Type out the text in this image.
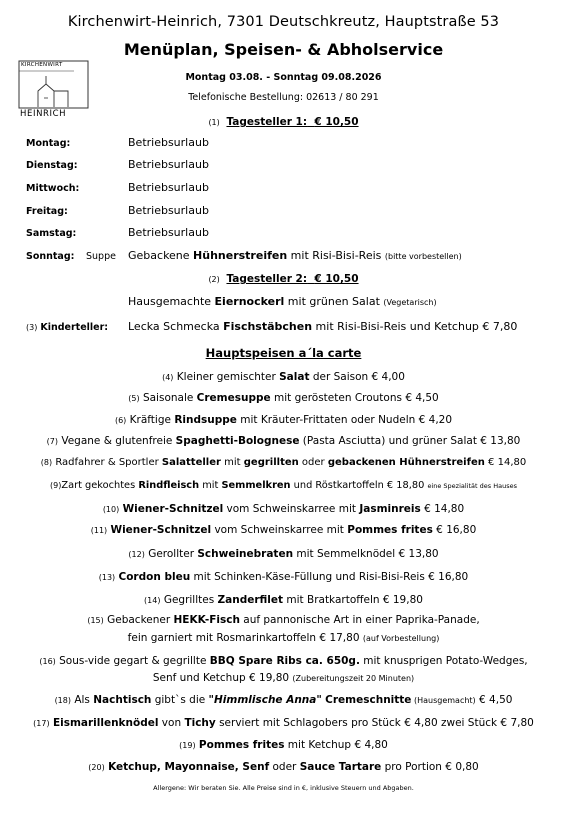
KIRCHENWIRT
HEINRICH
Kirchenwirt-Heinrich, 7301 Deutschkreutz, Hauptstraße 53
Menüplan, Speisen- & Abholservice
Montag 03.08. - Sonntag 09.08.2026
Telefonische Bestellung: 02613 / 80 291
(1) Tagesteller 1: € 10,50
Montag:	Betriebsurlaub
Dienstag:	Betriebsurlaub
Mittwoch:	Betriebsurlaub
Freitag:	Betriebsurlaub
Samstag:	Betriebsurlaub
Sonntag: Suppe Gebackene Hühnerstreifen mit Risi-Bisi-Reis (bitte vorbestellen)
(2) Tagesteller 2: € 10,50
Hausgemachte Eiernockerl mit grünen Salat (Vegetarisch)
(3) Kinderteller: Lecka Schmecka Fischstäbchen mit Risi-Bisi-Reis und Ketchup € 7,80
Hauptspeisen a´la carte
(4) Kleiner gemischter Salat der Saison € 4,00
(5) Saisonale Cremesuppe mit gerösteten Croutons € 4,50
(6) Kräftige Rindsuppe mit Kräuter-Frittaten oder Nudeln € 4,20
(7) Vegane & glutenfreie Spaghetti-Bolognese (Pasta Asciutta) und grüner Salat € 13,80
(8) Radfahrer & Sportler Salatteller mit gegrillten oder gebackenen Hühnerstreifen € 14,80
(9)Zart gekochtes Rindfleisch mit Semmelkren und Röstkartoffeln € 18,80 eine Spezialität des Hauses
(10) Wiener-Schnitzel vom Schweinskarree mit Jasminreis € 14,80
(11) Wiener-Schnitzel vom Schweinskarree mit Pommes frites € 16,80
(12) Gerollter Schweinebraten mit Semmelknödel € 13,80
(13) Cordon bleu mit Schinken-Käse-Füllung und Risi-Bisi-Reis € 16,80
(14) Gegrilltes Zanderfilet mit Bratkartoffeln € 19,80
(15) Gebackener HEKK-Fisch auf pannonische Art in einer Paprika-Panade,
fein garniert mit Rosmarinkartoffeln € 17,80 (auf Vorbestellung)
(16) Sous-vide gegart & gegrillte BBQ Spare Ribs ca. 650g. mit knusprigen Potato-Wedges,
Senf und Ketchup € 19,80 (Zubereitungszeit 20 Minuten)
(18) Als Nachtisch gibt`s die "Himmlische Anna" Cremeschnitte (Hausgemacht) € 4,50
(17) Eismarillenknödel von Tichy serviert mit Schlagobers pro Stück € 4,80 zwei Stück € 7,80
(19) Pommes frites mit Ketchup € 4,80
(20) Ketchup, Mayonnaise, Senf oder Sauce Tartare pro Portion € 0,80
Allergene: Wir beraten Sie. Alle Preise sind in €, inklusive Steuern und Abgaben.
